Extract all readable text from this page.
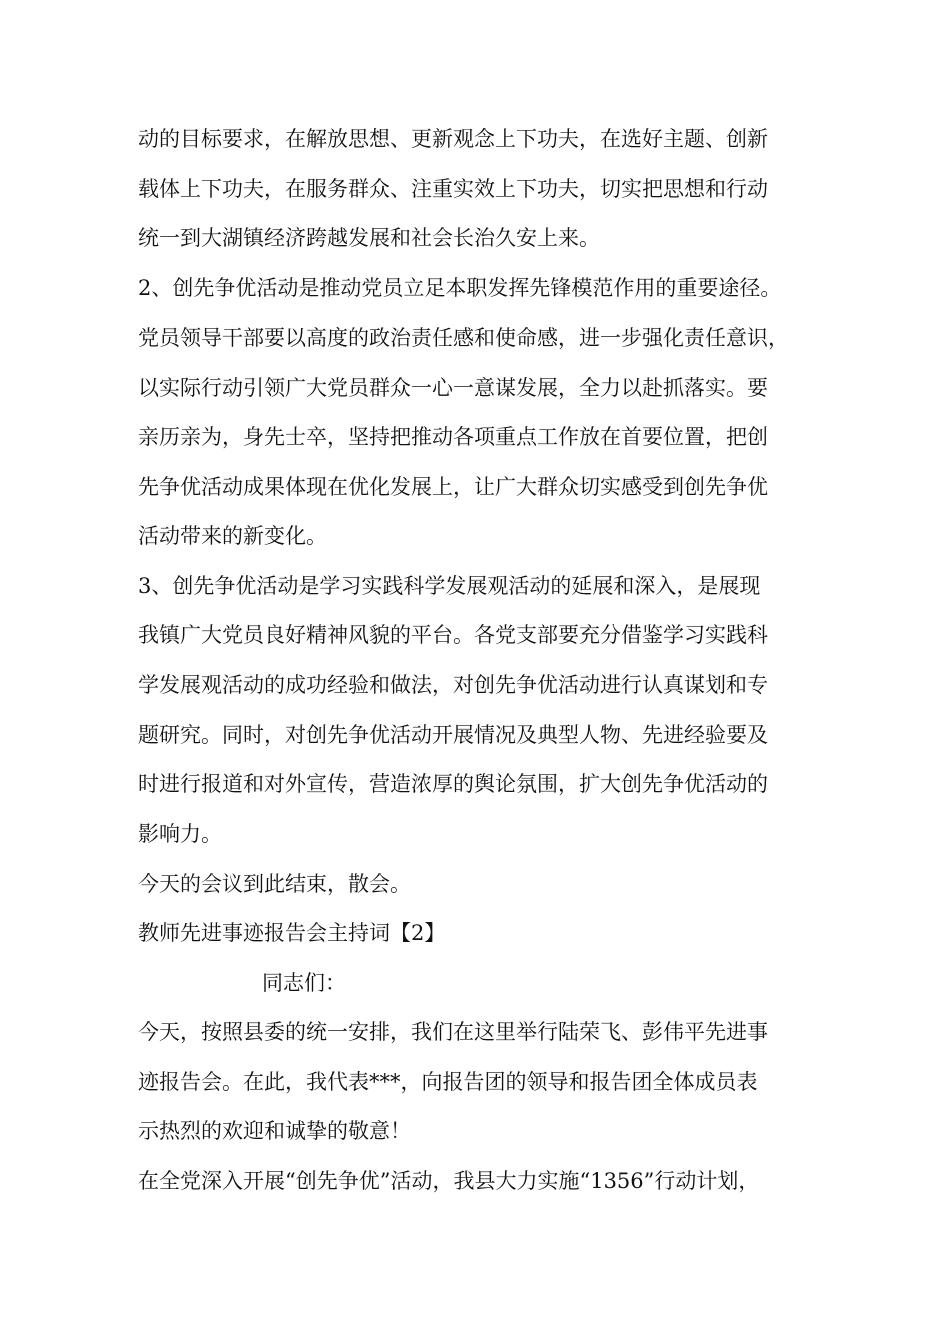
动的目标要求，在解放思想、更新观念上下功夫，在选好主题、创新
载体上下功夫，在服务群众、注重实效上下功夫，切实把思想和行动
统一到大湖镇经济跨越发展和社会长治久安上来。
2、创先争优活动是推动党员立足本职发挥先锋模范作用的重要途径。
党员领导干部要以高度的政治责任感和使命感，进一步强化责任意识，
以实际行动引领广大党员群众一心一意谋发展，全力以赴抓落实。要
亲历亲为，身先士卒，坚持把推动各项重点工作放在首要位置，把创
先争优活动成果体现在优化发展上，让广大群众切实感受到创先争优
活动带来的新变化。
3、创先争优活动是学习实践科学发展观活动的延展和深入，是展现
我镇广大党员良好精神风貌的平台。各党支部要充分借鉴学习实践科
学发展观活动的成功经验和做法，对创先争优活动进行认真谋划和专
题研究。同时，对创先争优活动开展情况及典型人物、先进经验要及
时进行报道和对外宣传，营造浓厚的舆论氛围，扩大创先争优活动的
影响力。
今天的会议到此结束，散会。
教师先进事迹报告会主持词【2】
同志们：
今天，按照县委的统一安排，我们在这里举行陆荣飞、彭伟平先进事
迹报告会。在此，我代表***，向报告团的领导和报告团全体成员表
示热烈的欢迎和诚挚的敬意！
在全党深入开展“创先争优”活动，我县大力实施“1356”行动计划，
